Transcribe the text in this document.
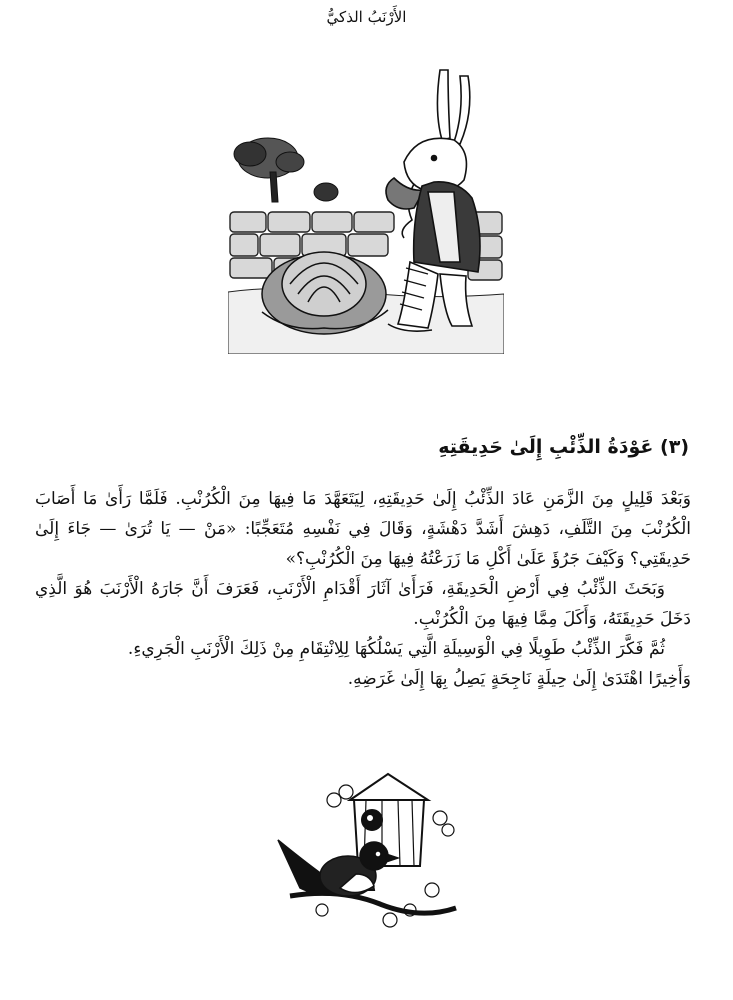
الأَرْنَبُ الذكيُّ
(٣) عَوْدَةُ الذِّئْبِ إِلَىٰ حَدِيقَتِهِ

وَبَعْدَ قَلِيلٍ مِنَ الزَّمَنِ عَادَ الذِّئْبُ إِلَىٰ حَدِيقَتِهِ، لِيَتَعَهَّدَ مَا فِيهَا مِنَ الْكُرُنْبِ. فَلَمَّا رَأَىٰ مَا أَصَابَ الْكُرُنْبَ مِنَ التَّلَفِ، دَهِشَ أَشَدَّ دَهْشَةٍ، وَقَالَ فِي نَفْسِهِ مُتَعَجِّبًا: «مَنْ — يَا تُرَىٰ — جَاءَ إِلَىٰ حَدِيقَتِي؟ وَكَيْفَ جَرُؤَ عَلَىٰ أَكْلِ مَا زَرَعْتُهُ فِيهَا مِنَ الْكُرُنْبِ؟»

وَبَحَثَ الذِّئْبُ فِي أَرْضِ الْحَدِيقَةِ، فَرَأَىٰ آثَارَ أَقْدَامِ الْأَرْنَبِ، فَعَرَفَ أَنَّ جَارَهُ الْأَرْنَبَ هُوَ الَّذِي دَخَلَ حَدِيقَتَهُ، وَأَكَلَ مِمَّا فِيهَا مِنَ الْكُرُنْبِ.

ثُمَّ فَكَّرَ الذِّئْبُ طَوِيلًا فِي الْوَسِيلَةِ الَّتِي يَسْلُكُهَا لِلِانْتِقَامِ مِنْ ذَلِكَ الْأَرْنَبِ الْجَرِيءِ.

وَأَخِيرًا اهْتَدَىٰ إِلَىٰ حِيلَةٍ نَاجِحَةٍ يَصِلُ بِهَا إِلَىٰ غَرَضِهِ.
